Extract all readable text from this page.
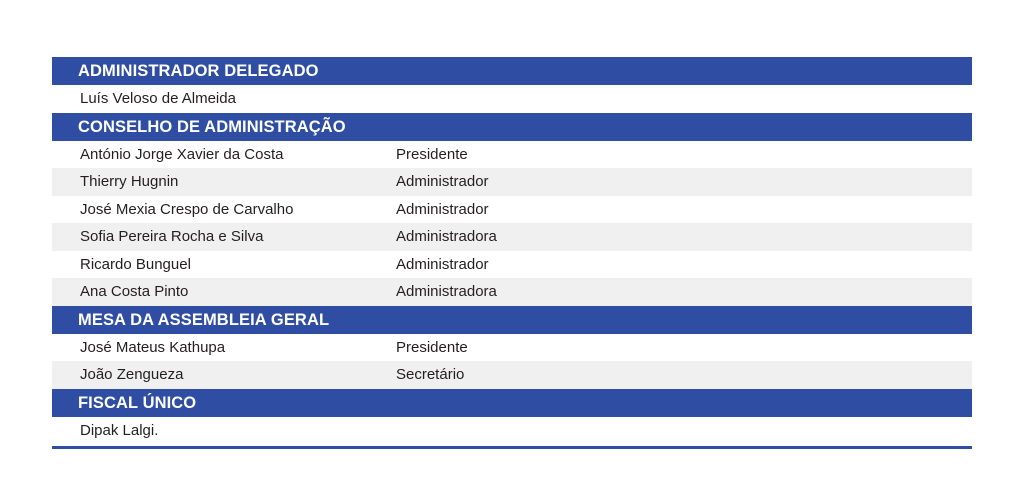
ADMINISTRADOR DELEGADO
Luís Veloso de Almeida
CONSELHO DE ADMINISTRAÇÃO
António Jorge Xavier da Costa	Presidente
Thierry Hugnin	Administrador
José Mexia Crespo de Carvalho	Administrador
Sofia Pereira Rocha e Silva	Administradora
Ricardo Bunguel	Administrador
Ana Costa Pinto	Administradora
MESA DA ASSEMBLEIA GERAL
José Mateus Kathupa	Presidente
João Zengueza	Secretário
FISCAL ÚNICO
Dipak Lalgi.
